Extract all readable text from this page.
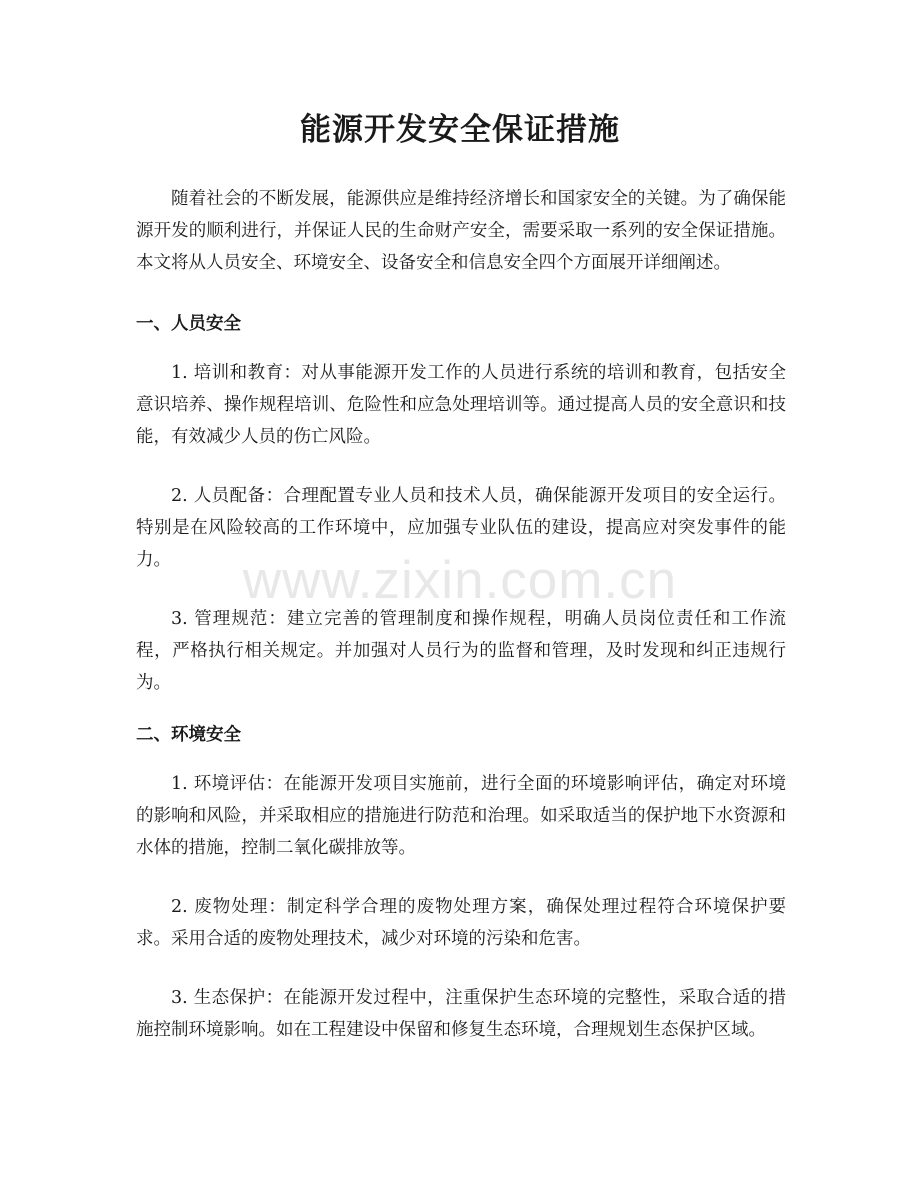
能源开发安全保证措施

随着社会的不断发展，能源供应是维持经济增长和国家安全的关键。为了确保能源开发的顺利进行，并保证人民的生命财产安全，需要采取一系列的安全保证措施。本文将从人员安全、环境安全、设备安全和信息安全四个方面展开详细阐述。

一、人员安全

1. 培训和教育：对从事能源开发工作的人员进行系统的培训和教育，包括安全意识培养、操作规程培训、危险性和应急处理培训等。通过提高人员的安全意识和技能，有效减少人员的伤亡风险。

2. 人员配备：合理配置专业人员和技术人员，确保能源开发项目的安全运行。特别是在风险较高的工作环境中，应加强专业队伍的建设，提高应对突发事件的能力。

3. 管理规范：建立完善的管理制度和操作规程，明确人员岗位责任和工作流程，严格执行相关规定。并加强对人员行为的监督和管理，及时发现和纠正违规行为。

二、环境安全

1. 环境评估：在能源开发项目实施前，进行全面的环境影响评估，确定对环境的影响和风险，并采取相应的措施进行防范和治理。如采取适当的保护地下水资源和水体的措施，控制二氧化碳排放等。

2. 废物处理：制定科学合理的废物处理方案，确保处理过程符合环境保护要求。采用合适的废物处理技术，减少对环境的污染和危害。

3. 生态保护：在能源开发过程中，注重保护生态环境的完整性，采取合适的措施控制环境影响。如在工程建设中保留和修复生态环境，合理规划生态保护区域。

www.zixin.com.cn
